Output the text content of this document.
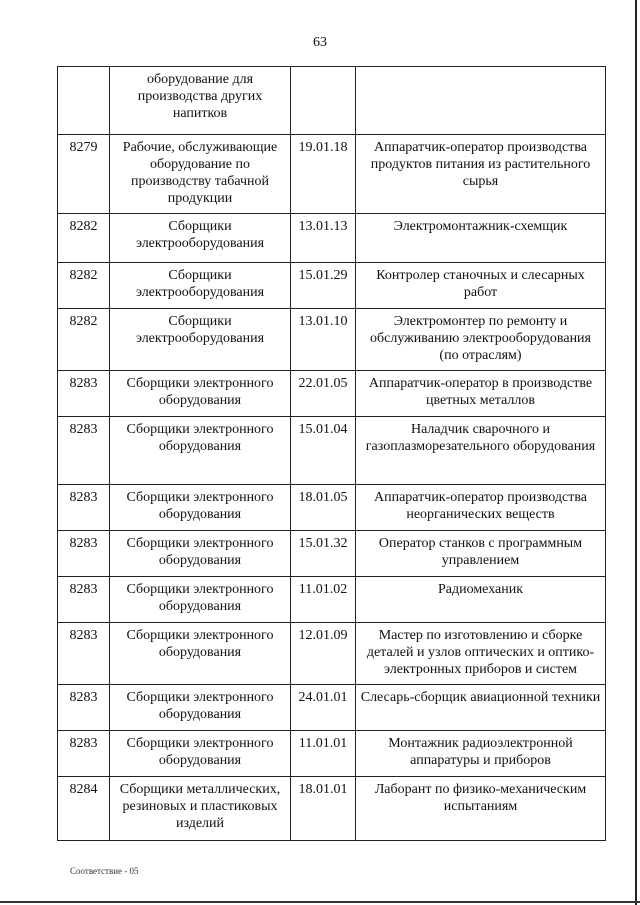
63
	оборудование для производства других напитков		
8279	Рабочие, обслуживающие оборудование по производству табачной продукции	19.01.18	Аппаратчик-оператор производства продуктов питания из растительного сырья
8282	Сборщики электрооборудования	13.01.13	Электромонтажник-схемщик
8282	Сборщики электрооборудования	15.01.29	Контролер станочных и слесарных работ
8282	Сборщики электрооборудования	13.01.10	Электромонтер по ремонту и обслуживанию электрооборудования (по отраслям)
8283	Сборщики электронного оборудования	22.01.05	Аппаратчик-оператор в производстве цветных металлов
8283	Сборщики электронного оборудования	15.01.04	Наладчик сварочного и газоплазморезательного оборудования
8283	Сборщики электронного оборудования	18.01.05	Аппаратчик-оператор производства неорганических веществ
8283	Сборщики электронного оборудования	15.01.32	Оператор станков с программным управлением
8283	Сборщики электронного оборудования	11.01.02	Радиомеханик
8283	Сборщики электронного оборудования	12.01.09	Мастер по изготовлению и сборке деталей и узлов оптических и оптико-электронных приборов и систем
8283	Сборщики электронного оборудования	24.01.01	Слесарь-сборщик авиационной техники
8283	Сборщики электронного оборудования	11.01.01	Монтажник радиоэлектронной аппаратуры и приборов
8284	Сборщики металлических, резиновых и пластиковых изделий	18.01.01	Лаборант по физико-механическим испытаниям
Соответствие - 05
